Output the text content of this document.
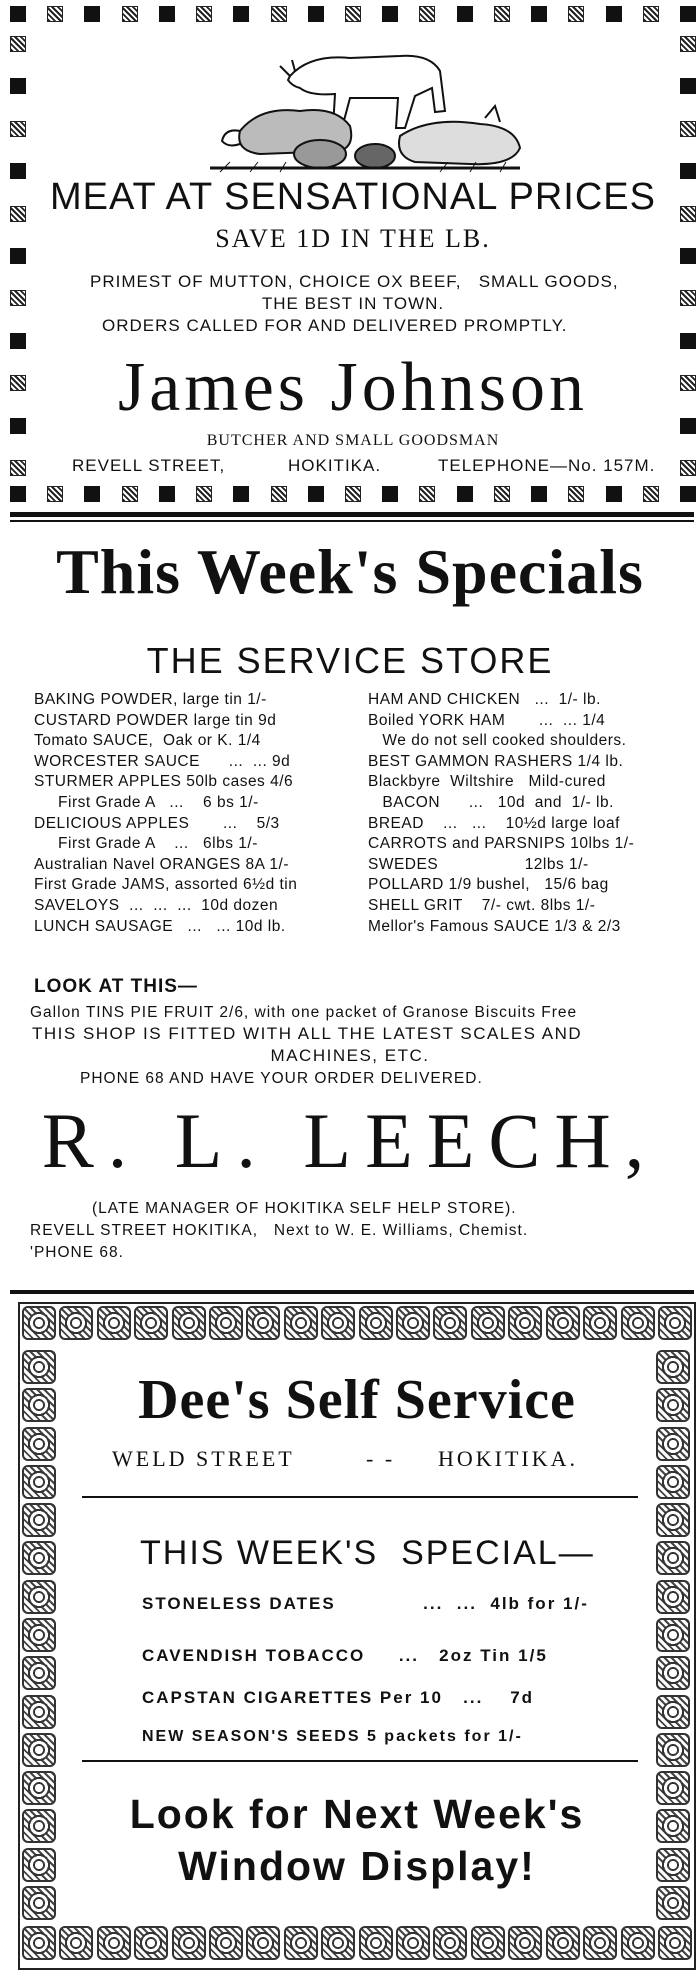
MEAT AT SENSATIONAL PRICES
SAVE 1D IN THE LB.
PRIMEST OF MUTTON, CHOICE OX BEEF,   SMALL GOODS,
THE BEST IN TOWN.
ORDERS CALLED FOR AND DELIVERED PROMPTLY.
James Johnson
BUTCHER AND SMALL GOODSMAN
REVELL STREET,	HOKITIKA.	TELEPHONE—No. 157M.
This Week's Specials
THE SERVICE STORE
BAKING POWDER, large tin 1/-
CUSTARD POWDER large tin 9d
Tomato SAUCE,  Oak or K. 1/4
WORCESTER SAUCE      ...  ... 9d
STURMER APPLES 50lb cases 4/6
First Grade A   ...    6 bs 1/-
DELICIOUS APPLES       ...    5/3
First Grade A    ...   6lbs 1/-
Australian Navel ORANGES 8A 1/-
First Grade JAMS, assorted 6½d tin
SAVELOYS  ...  ...  ...  10d dozen
LUNCH SAUSAGE   ...   ... 10d lb.
HAM AND CHICKEN   ...  1/- lb.
Boiled YORK HAM       ...  ... 1/4
We do not sell cooked shoulders.
BEST GAMMON RASHERS 1/4 lb.
Blackbyre  Wiltshire   Mild-cured
BACON      ...   10d  and  1/- lb.
BREAD    ...   ...    10½d large loaf
CARROTS and PARSNIPS 10lbs 1/-
SWEDES                  12lbs 1/-
POLLARD 1/9 bushel,   15/6 bag
SHELL GRIT    7/- cwt. 8lbs 1/-
Mellor's Famous SAUCE 1/3 & 2/3
LOOK AT THIS—
Gallon TINS PIE FRUIT 2/6, with one packet of Granose Biscuits Free
THIS SHOP IS FITTED WITH ALL THE LATEST SCALES AND
MACHINES, ETC.
PHONE 68 AND HAVE YOUR ORDER DELIVERED.
R. L. LEECH,
(LATE MANAGER OF HOKITIKA SELF HELP STORE).
REVELL STREET HOKITIKA,   Next to W. E. Williams, Chemist.
'PHONE 68.
Dee's Self Service
WELD STREET	- - HOKITIKA.
THIS WEEK'S  SPECIAL—
STONELESS DATES             ...  ...  4lb for 1/-
CAVENDISH TOBACCO     ...   2oz Tin 1/5
CAPSTAN CIGARETTES Per 10   ...    7d
NEW SEASON'S SEEDS 5 packets for 1/-
Look for Next Week's
Window Display!
